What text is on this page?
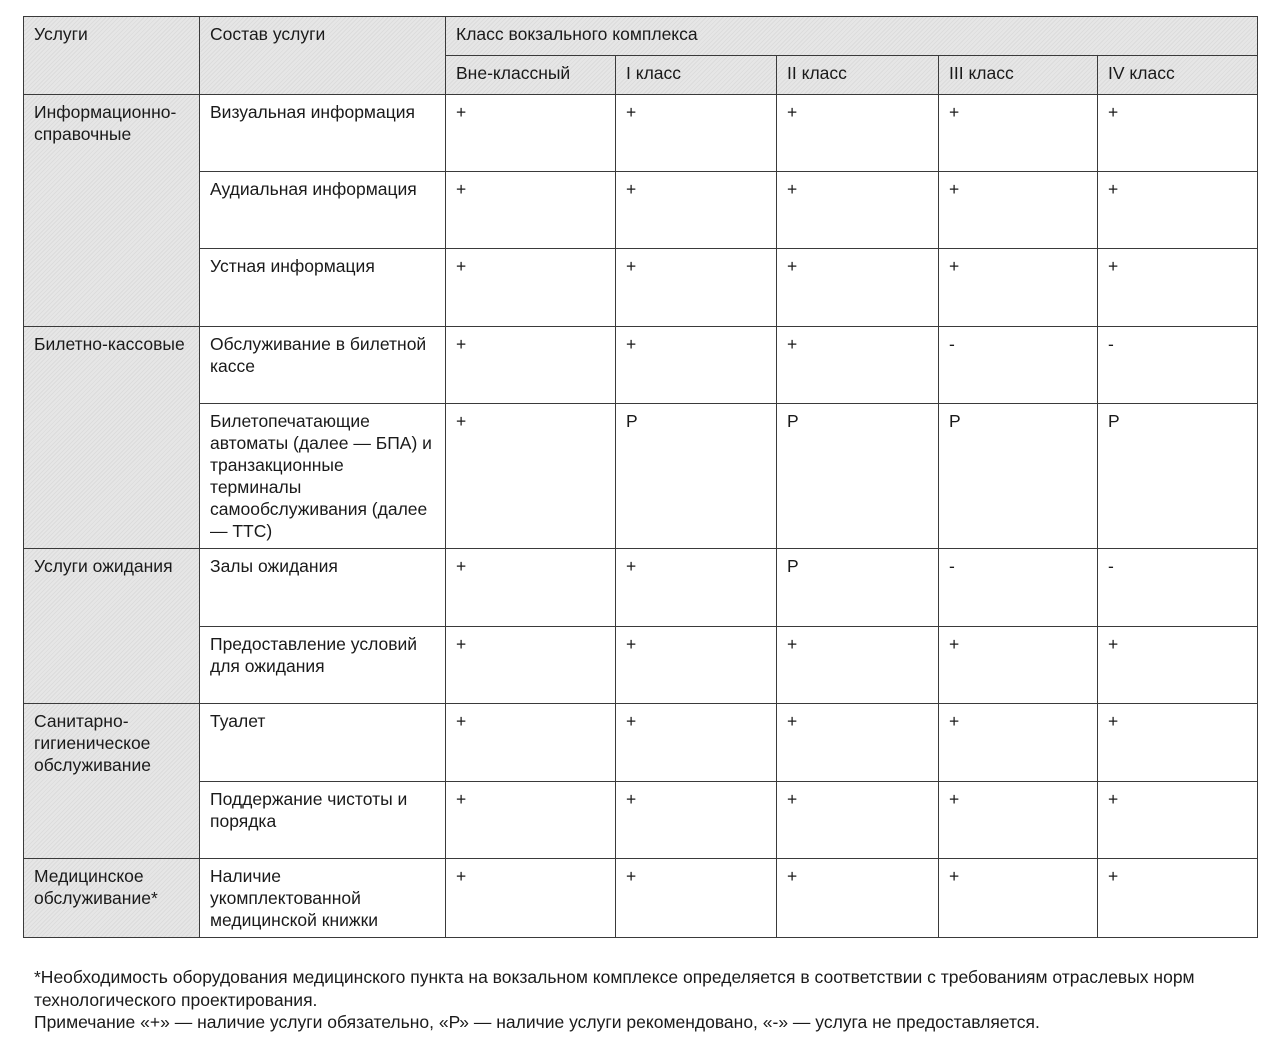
Услуги	Состав услуги	Класс вокзального комплекса				
		Вне-классный	I класс	II класс	III класс	IV класс
Информационно-справочные	Визуальная информация	+	+	+	+	+
	Аудиальная информация	+	+	+	+	+
	Устная информация	+	+	+	+	+
Билетно-кассовые	Обслуживание в билетной кассе	+	+	+	-	-
	Билетопечатающие автоматы (далее — БПА) и транзакционные терминалы самообслуживания (далее — ТТС)	+	Р	Р	Р	Р
Услуги ожидания	Залы ожидания	+	+	Р	-	-
	Предоставление условий для ожидания	+	+	+	+	+
Санитарно-гигиеническое обслуживание	Туалет	+	+	+	+	+
	Поддержание чистоты и порядка	+	+	+	+	+
Медицинское обслуживание*	Наличие укомплектованной медицинской книжки	+	+	+	+	+

*Необходимость оборудования медицинского пункта на вокзальном комплексе определяется в соответствии с требованиям отраслевых норм технологического проектирования.

Примечание «+» — наличие услуги обязательно, «Р» — наличие услуги рекомендовано, «-» — услуга не предоставляется.
